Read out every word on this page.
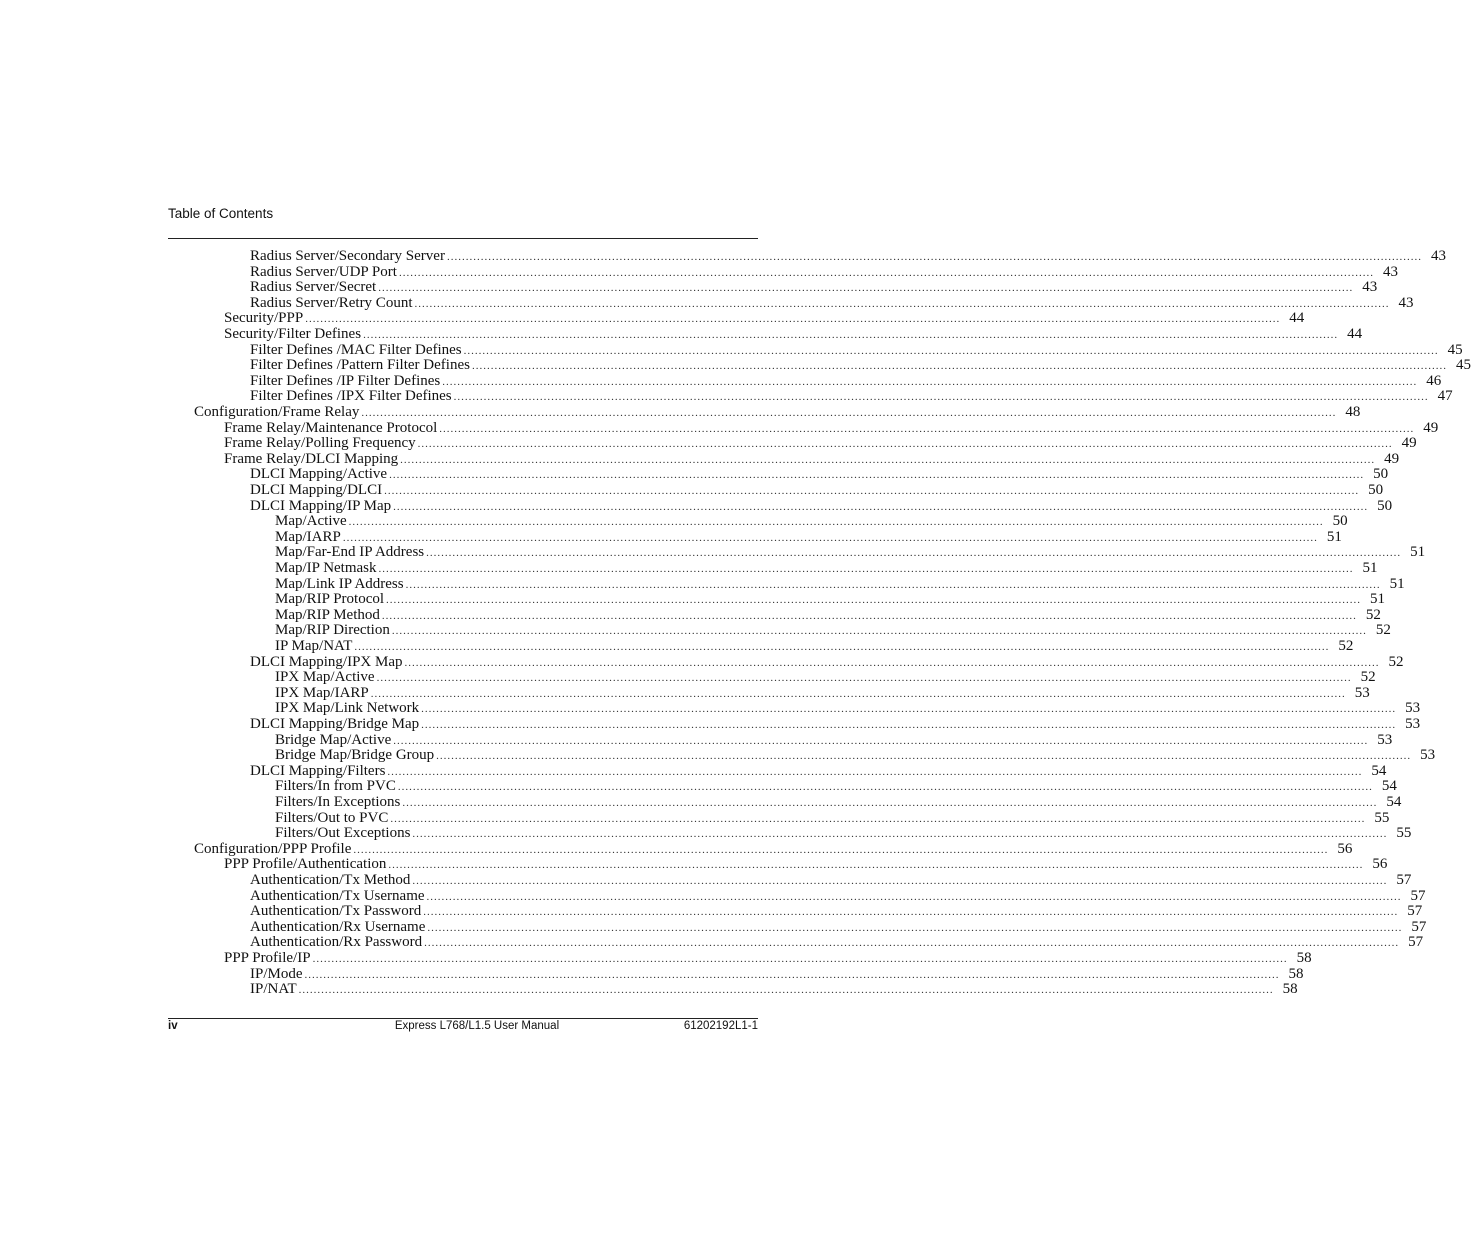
Table of Contents
Radius Server/Secondary Server .................................................................................................................................................................................................................................................................... 43
Radius Server/UDP Port .................................................................................................................................................................................................................................................................... 43
Radius Server/Secret .................................................................................................................................................................................................................................................................... 43
Radius Server/Retry Count .................................................................................................................................................................................................................................................................... 43
Security/PPP .................................................................................................................................................................................................................................................................... 44
Security/Filter Defines .................................................................................................................................................................................................................................................................... 44
Filter Defines /MAC Filter Defines .................................................................................................................................................................................................................................................................... 45
Filter Defines /Pattern Filter Defines .................................................................................................................................................................................................................................................................... 45
Filter Defines /IP Filter Defines .................................................................................................................................................................................................................................................................... 46
Filter Defines /IPX Filter Defines .................................................................................................................................................................................................................................................................... 47
Configuration/Frame Relay .................................................................................................................................................................................................................................................................... 48
Frame Relay/Maintenance Protocol .................................................................................................................................................................................................................................................................... 49
Frame Relay/Polling Frequency .................................................................................................................................................................................................................................................................... 49
Frame Relay/DLCI Mapping .................................................................................................................................................................................................................................................................... 49
DLCI Mapping/Active .................................................................................................................................................................................................................................................................... 50
DLCI Mapping/DLCI .................................................................................................................................................................................................................................................................... 50
DLCI Mapping/IP Map .................................................................................................................................................................................................................................................................... 50
Map/Active .................................................................................................................................................................................................................................................................... 50
Map/IARP .................................................................................................................................................................................................................................................................... 51
Map/Far-End IP Address .................................................................................................................................................................................................................................................................... 51
Map/IP Netmask .................................................................................................................................................................................................................................................................... 51
Map/Link IP Address .................................................................................................................................................................................................................................................................... 51
Map/RIP Protocol .................................................................................................................................................................................................................................................................... 51
Map/RIP Method .................................................................................................................................................................................................................................................................... 52
Map/RIP Direction .................................................................................................................................................................................................................................................................... 52
IP Map/NAT .................................................................................................................................................................................................................................................................... 52
DLCI Mapping/IPX Map .................................................................................................................................................................................................................................................................... 52
IPX Map/Active .................................................................................................................................................................................................................................................................... 52
IPX Map/IARP .................................................................................................................................................................................................................................................................... 53
IPX Map/Link Network .................................................................................................................................................................................................................................................................... 53
DLCI Mapping/Bridge Map .................................................................................................................................................................................................................................................................... 53
Bridge Map/Active .................................................................................................................................................................................................................................................................... 53
Bridge Map/Bridge Group .................................................................................................................................................................................................................................................................... 53
DLCI Mapping/Filters .................................................................................................................................................................................................................................................................... 54
Filters/In from PVC .................................................................................................................................................................................................................................................................... 54
Filters/In Exceptions .................................................................................................................................................................................................................................................................... 54
Filters/Out to PVC .................................................................................................................................................................................................................................................................... 55
Filters/Out Exceptions .................................................................................................................................................................................................................................................................... 55
Configuration/PPP Profile .................................................................................................................................................................................................................................................................... 56
PPP Profile/Authentication .................................................................................................................................................................................................................................................................... 56
Authentication/Tx Method .................................................................................................................................................................................................................................................................... 57
Authentication/Tx Username .................................................................................................................................................................................................................................................................... 57
Authentication/Tx Password .................................................................................................................................................................................................................................................................... 57
Authentication/Rx Username .................................................................................................................................................................................................................................................................... 57
Authentication/Rx Password .................................................................................................................................................................................................................................................................... 57
PPP Profile/IP .................................................................................................................................................................................................................................................................... 58
IP/Mode .................................................................................................................................................................................................................................................................... 58
IP/NAT .................................................................................................................................................................................................................................................................... 58
iv	Express L768/L1.5 User Manual	61202192L1-1
